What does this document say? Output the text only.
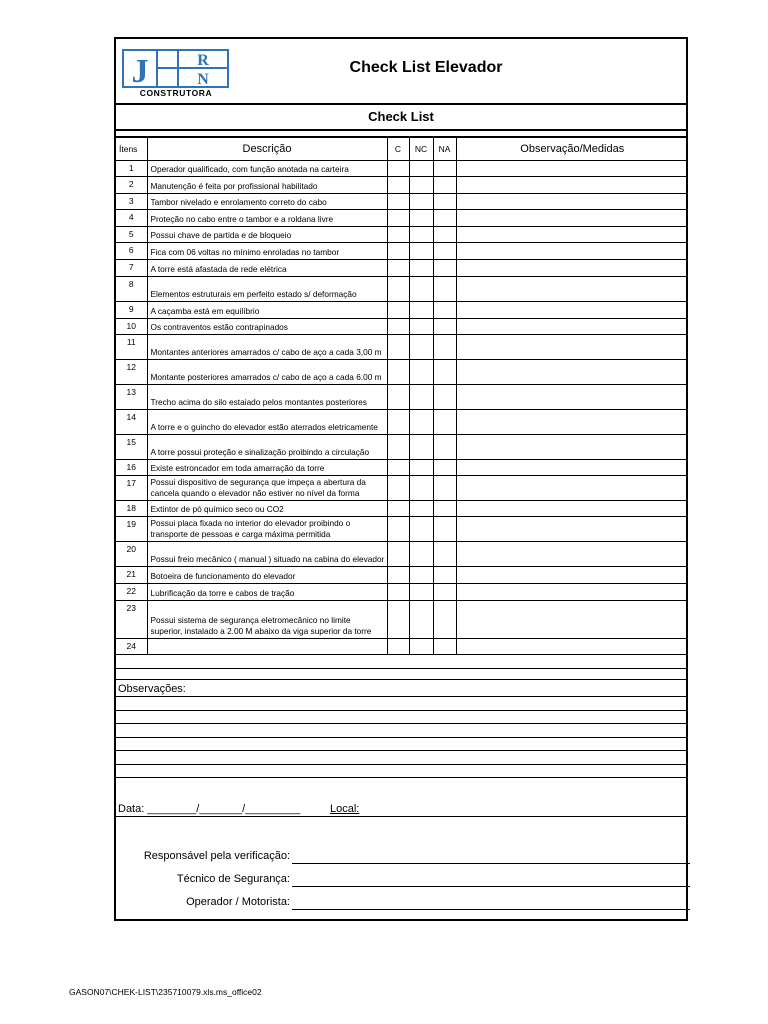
J	R
N
CONSTRUTORA
Check List Elevador
Check List
Ítens	Descrição	C	NC	NA	Observação/Medidas
1	Operador qualificado, com função anotada na carteira				
2	Manutenção é feita por profissional habilitado				
3	Tambor nivelado e enrolamento correto do cabo				
4	Proteção no cabo entre o tambor e a roldana livre				
5	Possui chave de partida e de bloqueio				
6	Fica com 06 voltas no mínimo enroladas no tambor				
7	A torre está afastada de rede elétrica				
8	Elementos estruturais em perfeito estado s/ deformação				
9	A caçamba está em equilíbrio				
10	Os contraventos estão contrapinados				
11	Montantes anteriores amarrados c/ cabo de aço a cada 3,00 m				
12	Montante posteriores amarrados c/ cabo de aço a cada 6.00 m				
13	Trecho acima do silo estaiado pelos montantes posteriores				
14	A torre e o guincho do elevador estão aterrados eletricamente				
15	A torre possui proteção e sinalização proibindo a circulação				
16	Existe estroncador em toda amarração da torre				
17	Possui dispositivo de segurança que impeça a abertura da cancela quando o elevador não estiver no nível da forma				
18	Extintor de pó químico seco ou CO2				
19	Possui placa fixada no interior do elevador proibindo o transporte de pessoas e carga máxima permitida				
20	Possui freio mecânico ( manual ) situado na cabina do elevador				
21	Botoeira de funcionamento do elevador				
22	Lubrificação da torre e cabos de tração				
23	Possui sistema de segurança eletromecânico no limite superior, instalado a 2.00 M abaixo da viga superior da torre				
24					

Observações:
Data: ________/_______/_________	Local:
Responsável pela verificação:
Técnico de Segurança:
Operador / Motorista:
GASON07\CHEK-LIST\235710079.xls.ms_office02
